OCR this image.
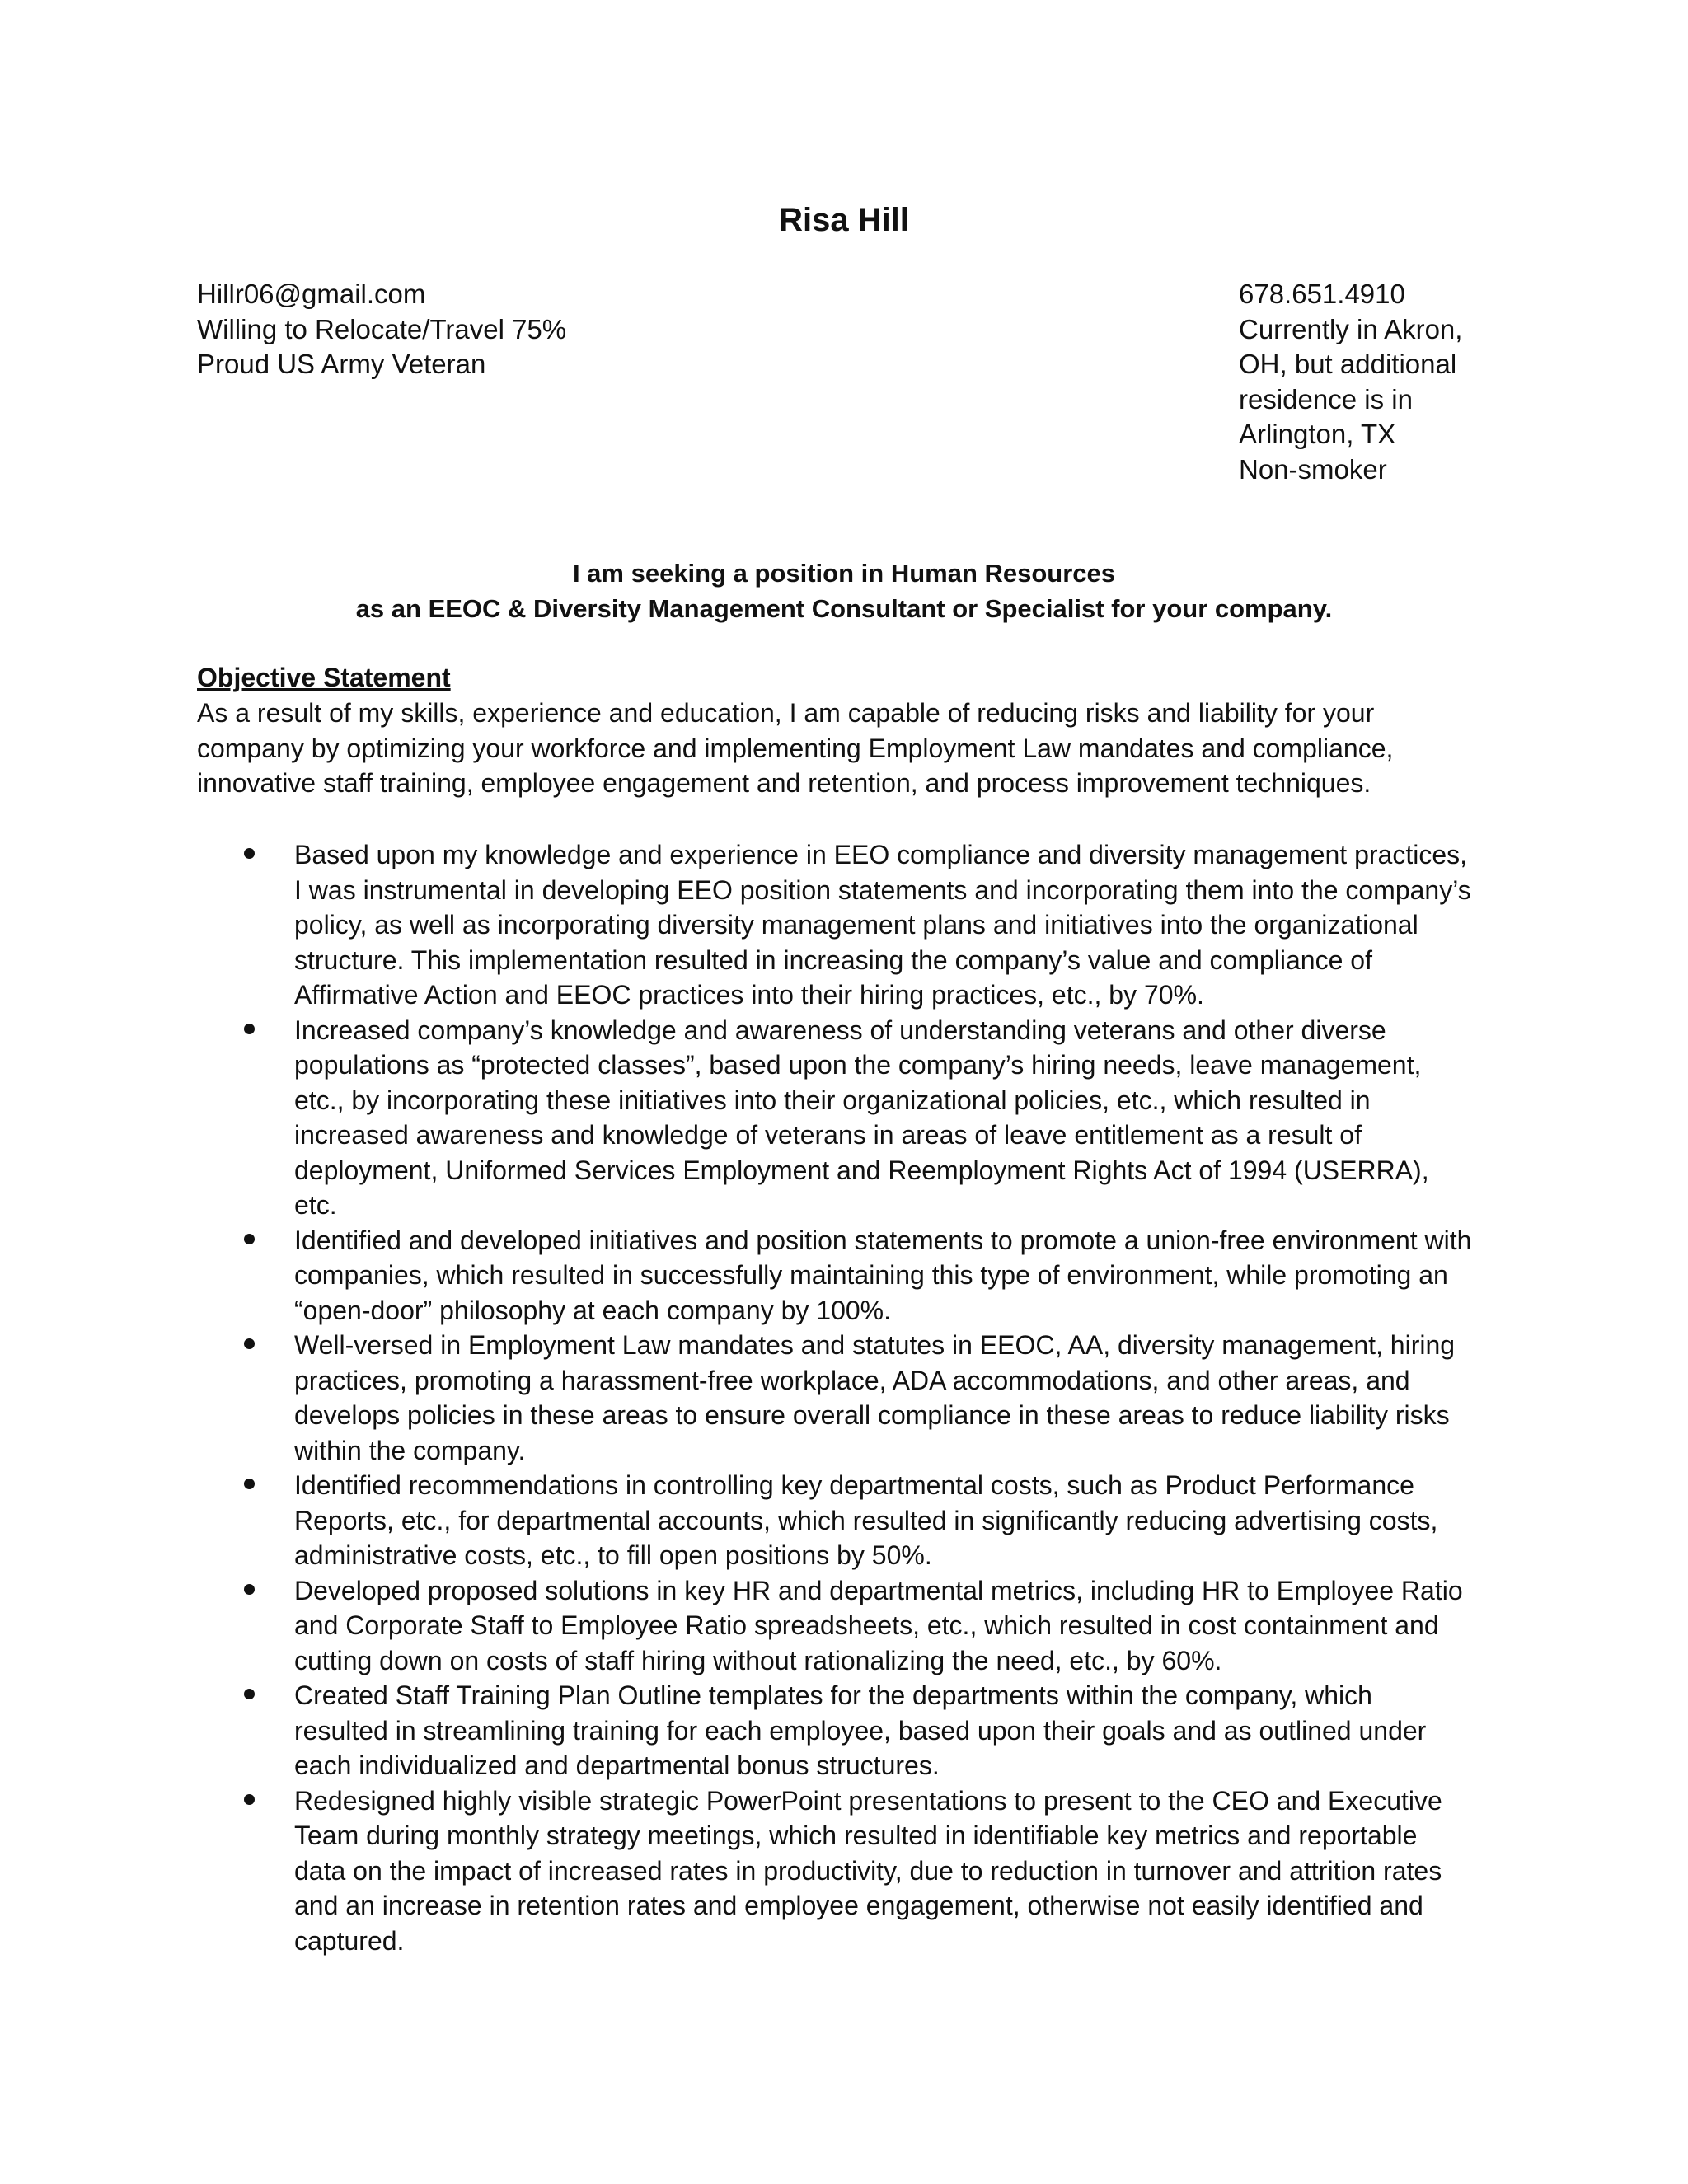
Risa Hill
Hillr06@gmail.com
Willing to Relocate/Travel 75%
Proud US Army Veteran
678.651.4910
Currently in Akron,
OH, but additional
residence is in
Arlington, TX
Non-smoker
I am seeking a position in Human Resources
as an EEOC & Diversity Management Consultant or Specialist for your company.
Objective Statement
As a result of my skills, experience and education, I am capable of reducing risks and liability for your company by optimizing your workforce and implementing Employment Law mandates and compliance, innovative staff training, employee engagement and retention, and process improvement techniques.
Based upon my knowledge and experience in EEO compliance and diversity management practices, I was instrumental in developing EEO position statements and incorporating them into the company’s policy, as well as incorporating diversity management plans and initiatives into the organizational structure. This implementation resulted in increasing the company’s value and compliance of Affirmative Action and EEOC practices into their hiring practices, etc., by 70%.
Increased company’s knowledge and awareness of understanding veterans and other diverse populations as “protected classes”, based upon the company’s hiring needs, leave management, etc., by incorporating these initiatives into their organizational policies, etc., which resulted in increased awareness and knowledge of veterans in areas of leave entitlement as a result of deployment, Uniformed Services Employment and Reemployment Rights Act of 1994 (USERRA), etc.
Identified and developed initiatives and position statements to promote a union-free environment with companies, which resulted in successfully maintaining this type of environment, while promoting an “open-door” philosophy at each company by 100%.
Well-versed in Employment Law mandates and statutes in EEOC, AA, diversity management, hiring practices, promoting a harassment-free workplace, ADA accommodations, and other areas, and develops policies in these areas to ensure overall compliance in these areas to reduce liability risks within the company.
Identified recommendations in controlling key departmental costs, such as Product Performance Reports, etc., for departmental accounts, which resulted in significantly reducing advertising costs, administrative costs, etc., to fill open positions by 50%.
Developed proposed solutions in key HR and departmental metrics, including HR to Employee Ratio and Corporate Staff to Employee Ratio spreadsheets, etc., which resulted in cost containment and cutting down on costs of staff hiring without rationalizing the need, etc., by 60%.
Created Staff Training Plan Outline templates for the departments within the company, which resulted in streamlining training for each employee, based upon their goals and as outlined under each individualized and departmental bonus structures.
Redesigned highly visible strategic PowerPoint presentations to present to the CEO and Executive Team during monthly strategy meetings, which resulted in identifiable key metrics and reportable data on the impact of increased rates in productivity, due to reduction in turnover and attrition rates and an increase in retention rates and employee engagement, otherwise not easily identified and captured.
